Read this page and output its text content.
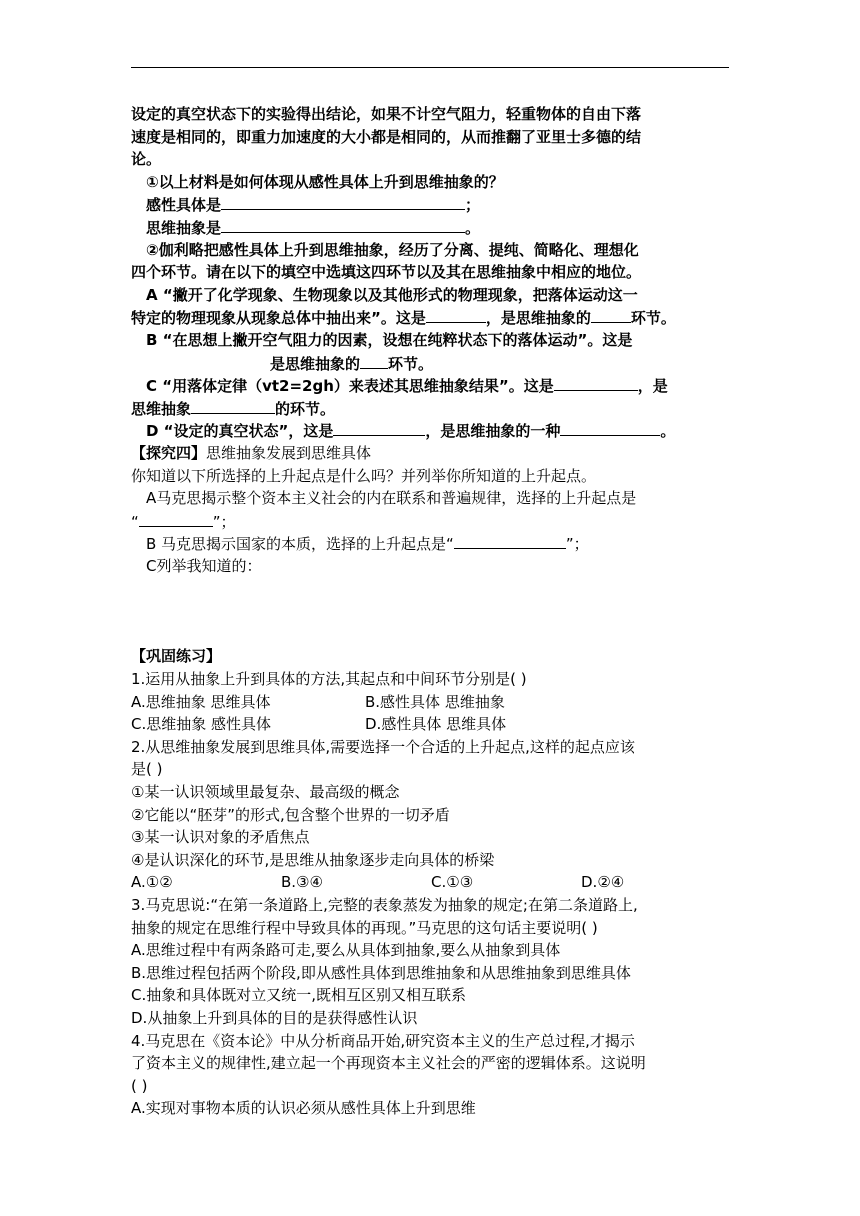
设定的真空状态下的实验得出结论，如果不计空气阻力，轻重物体的自由下落
速度是相同的，即重力加速度的大小都是相同的，从而推翻了亚里士多德的结
论。
①以上材料是如何体现从感性具体上升到思维抽象的？
感性具体是	；
思维抽象是	。
②伽利略把感性具体上升到思维抽象，经历了分离、提纯、简略化、理想化
四个环节。请在以下的填空中选填这四环节以及其在思维抽象中相应的地位。
A “撇开了化学现象、生物现象以及其他形式的物理现象，把落体运动这一
特定的物理现象从现象总体中抽出来”。这是	，是思维抽象的	环节。
B “在思想上撇开空气阻力的因素，设想在纯粹状态下的落体运动”。这是
是思维抽象的 环节。
C “用落体定律（vt2=2gh）来表述其思维抽象结果”。这是	，是
思维抽象	的环节。
D “设定的真空状态”，这是	，是思维抽象的一种	。
【探究四】思维抽象发展到思维具体
你知道以下所选择的上升起点是什么吗？并列举你所知道的上升起点。
A马克思揭示整个资本主义社会的内在联系和普遍规律，选择的上升起点是
“	”；
B 马克思揭示国家的本质，选择的上升起点是“	”；
C列举我知道的：
【巩固练习】
1.运用从抽象上升到具体的方法,其起点和中间环节分别是( )
A.思维抽象 思维具体	B.感性具体 思维抽象
C.思维抽象 感性具体	D.感性具体 思维具体
2.从思维抽象发展到思维具体,需要选择一个合适的上升起点,这样的起点应该
是( )
①某一认识领域里最复杂、最高级的概念
②它能以“胚芽”的形式,包含整个世界的一切矛盾
③某一认识对象的矛盾焦点
④是认识深化的环节,是思维从抽象逐步走向具体的桥梁
A.①②	B.③④	C.①③	D.②④
3.马克思说:“在第一条道路上,完整的表象蒸发为抽象的规定;在第二条道路上,
抽象的规定在思维行程中导致具体的再现。”马克思的这句话主要说明( )
A.思维过程中有两条路可走,要么从具体到抽象,要么从抽象到具体
B.思维过程包括两个阶段,即从感性具体到思维抽象和从思维抽象到思维具体
C.抽象和具体既对立又统一,既相互区别又相互联系
D.从抽象上升到具体的目的是获得感性认识
4.马克思在《资本论》中从分析商品开始,研究资本主义的生产总过程,才揭示
了资本主义的规律性,建立起一个再现资本主义社会的严密的逻辑体系。这说明
( )
A.实现对事物本质的认识必须从感性具体上升到思维
